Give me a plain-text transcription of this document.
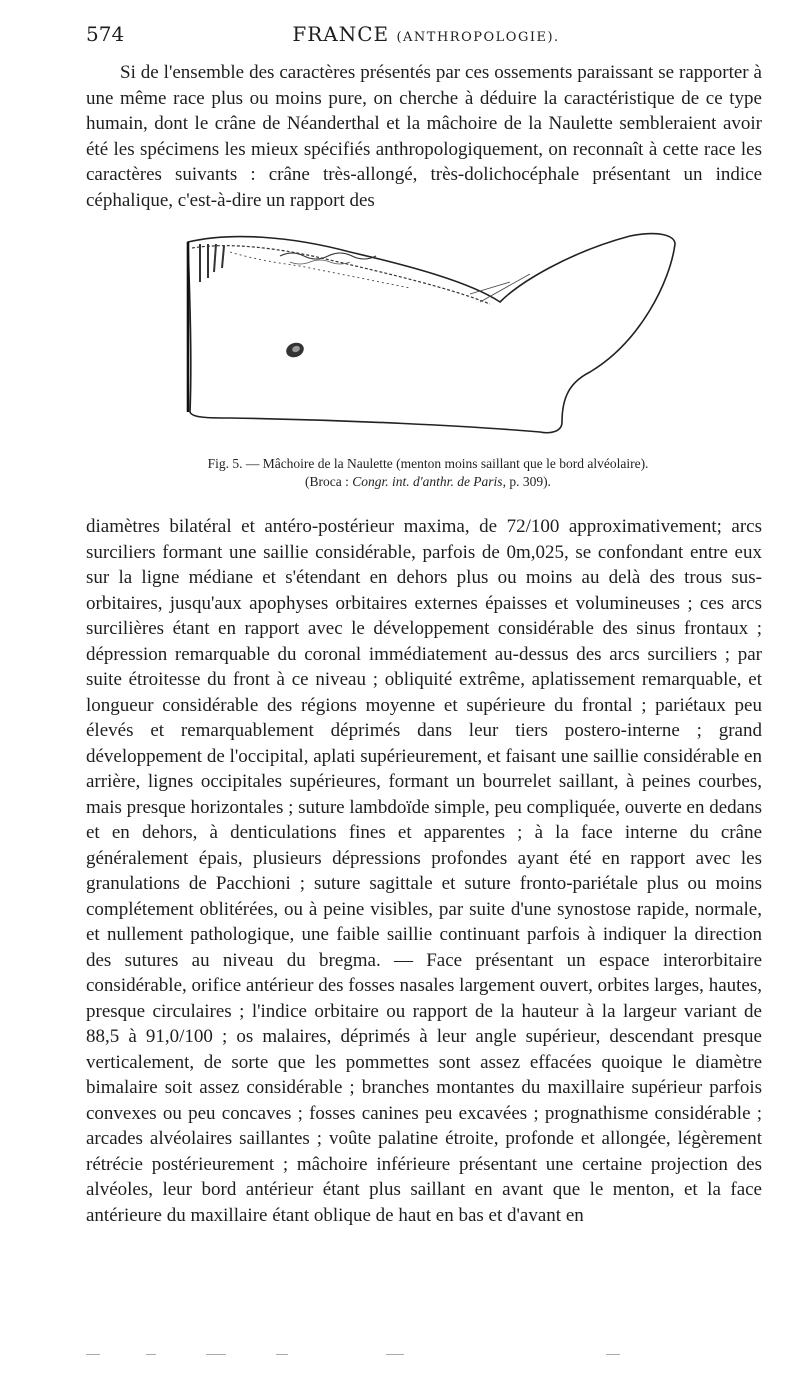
574	FRANCE (ANTHROPOLOGIE).

Si de l'ensemble des caractères présentés par ces ossements paraissant se rapporter à une même race plus ou moins pure, on cherche à déduire la caractéristique de ce type humain, dont le crâne de Néanderthal et la mâchoire de la Naulette sembleraient avoir été les spécimens les mieux spécifiés anthropologiquement, on reconnaît à cette race les caractères suivants : crâne très-allongé, très-dolichocéphale présentant un indice céphalique, c'est-à-dire un rapport des

Fig. 5. — Mâchoire de la Naulette (menton moins saillant que le bord alvéolaire).
(Broca : Congr. int. d'anthr. de Paris, p. 309).

diamètres bilatéral et antéro-postérieur maxima, de 72/100 approximativement; arcs surciliers formant une saillie considérable, parfois de 0m,025, se confondant entre eux sur la ligne médiane et s'étendant en dehors plus ou moins au delà des trous sus-orbitaires, jusqu'aux apophyses orbitaires externes épaisses et volumineuses ; ces arcs surcilières étant en rapport avec le développement considérable des sinus frontaux ; dépression remarquable du coronal immédiatement au-dessus des arcs surciliers ; par suite étroitesse du front à ce niveau ; obliquité extrême, aplatissement remarquable, et longueur considérable des régions moyenne et supérieure du frontal ; pariétaux peu élevés et remarquablement déprimés dans leur tiers postero-interne ; grand développement de l'occipital, aplati supérieurement, et faisant une saillie considérable en arrière, lignes occipitales supérieures, formant un bourrelet saillant, à peines courbes, mais presque horizontales ; suture lambdoïde simple, peu compliquée, ouverte en dedans et en dehors, à denticulations fines et apparentes ; à la face interne du crâne généralement épais, plusieurs dépressions profondes ayant été en rapport avec les granulations de Pacchioni ; suture sagittale et suture fronto-pariétale plus ou moins complétement oblitérées, ou à peine visibles, par suite d'une synostose rapide, normale, et nullement pathologique, une faible saillie continuant parfois à indiquer la direction des sutures au niveau du bregma. — Face présentant un espace interorbitaire considérable, orifice antérieur des fosses nasales largement ouvert, orbites larges, hautes, presque circulaires ; l'indice orbitaire ou rapport de la hauteur à la largeur variant de 88,5 à 91,0/100 ; os malaires, déprimés à leur angle supérieur, descendant presque verticalement, de sorte que les pommettes sont assez effacées quoique le diamètre bimalaire soit assez considérable ; branches montantes du maxillaire supérieur parfois convexes ou peu concaves ; fosses canines peu excavées ; prognathisme considérable ; arcades alvéolaires saillantes ; voûte palatine étroite, profonde et allongée, légèrement rétrécie postérieurement ; mâchoire inférieure présentant une certaine projection des alvéoles, leur bord antérieur étant plus saillant en avant que le menton, et la face antérieure du maxillaire étant oblique de haut en bas et d'avant en
